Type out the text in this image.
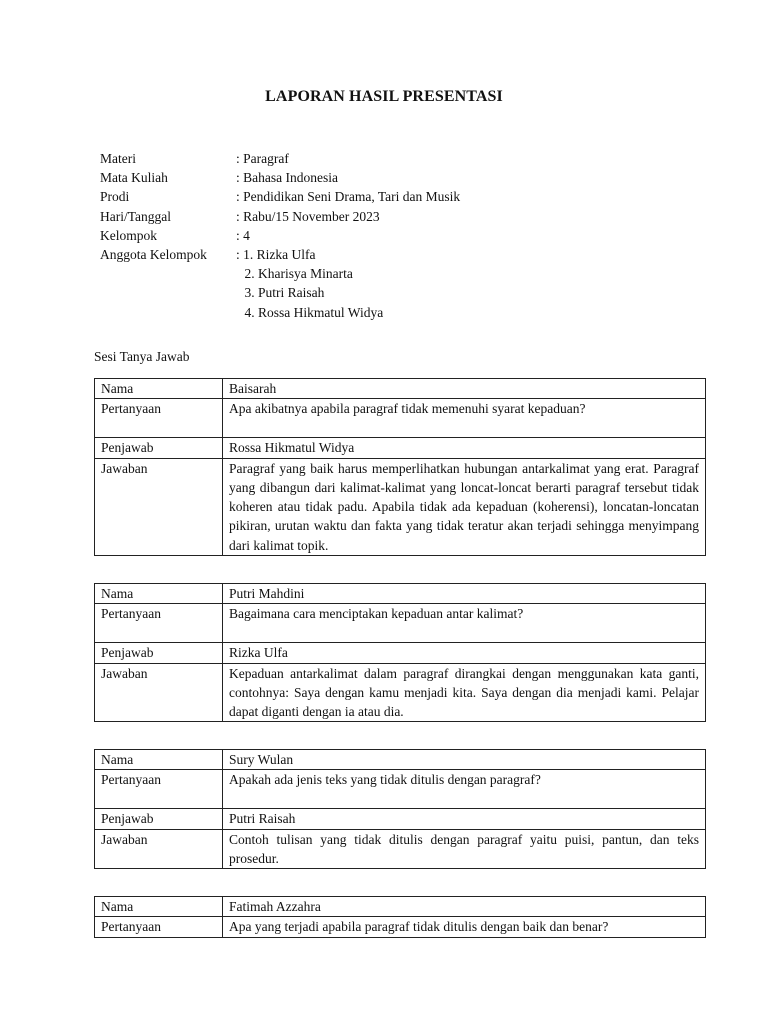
LAPORAN HASIL PRESENTASI
Materi	: Paragraf
Mata Kuliah	: Bahasa Indonesia
Prodi	: Pendidikan Seni Drama, Tari dan Musik
Hari/Tanggal	: Rabu/15 November 2023
Kelompok	: 4
Anggota Kelompok	: 1. Rizka Ulfa
2. Kharisya Minarta
3. Putri Raisah
4. Rossa Hikmatul Widya
Sesi Tanya Jawab
Nama	Baisarah
Pertanyaan	Apa akibatnya apabila paragraf tidak memenuhi syarat kepaduan?
Penjawab	Rossa Hikmatul Widya
Jawaban	Paragraf yang baik harus memperlihatkan hubungan antarkalimat yang erat. Paragraf yang dibangun dari kalimat-kalimat yang loncat-loncat berarti paragraf tersebut tidak koheren atau tidak padu. Apabila tidak ada kepaduan (koherensi), loncatan-loncatan pikiran, urutan waktu dan fakta yang tidak teratur akan terjadi sehingga menyimpang dari kalimat topik.
Nama	Putri Mahdini
Pertanyaan	Bagaimana cara menciptakan kepaduan antar kalimat?
Penjawab	Rizka Ulfa
Jawaban	Kepaduan antarkalimat dalam paragraf dirangkai dengan menggunakan kata ganti, contohnya: Saya dengan kamu menjadi kita. Saya dengan dia menjadi kami. Pelajar dapat diganti dengan ia atau dia.
Nama	Sury Wulan
Pertanyaan	Apakah ada jenis teks yang tidak ditulis dengan paragraf?
Penjawab	Putri Raisah
Jawaban	Contoh tulisan yang tidak ditulis dengan paragraf yaitu puisi, pantun, dan teks prosedur.
Nama	Fatimah Azzahra
Pertanyaan	Apa yang terjadi apabila paragraf tidak ditulis dengan baik dan benar?
